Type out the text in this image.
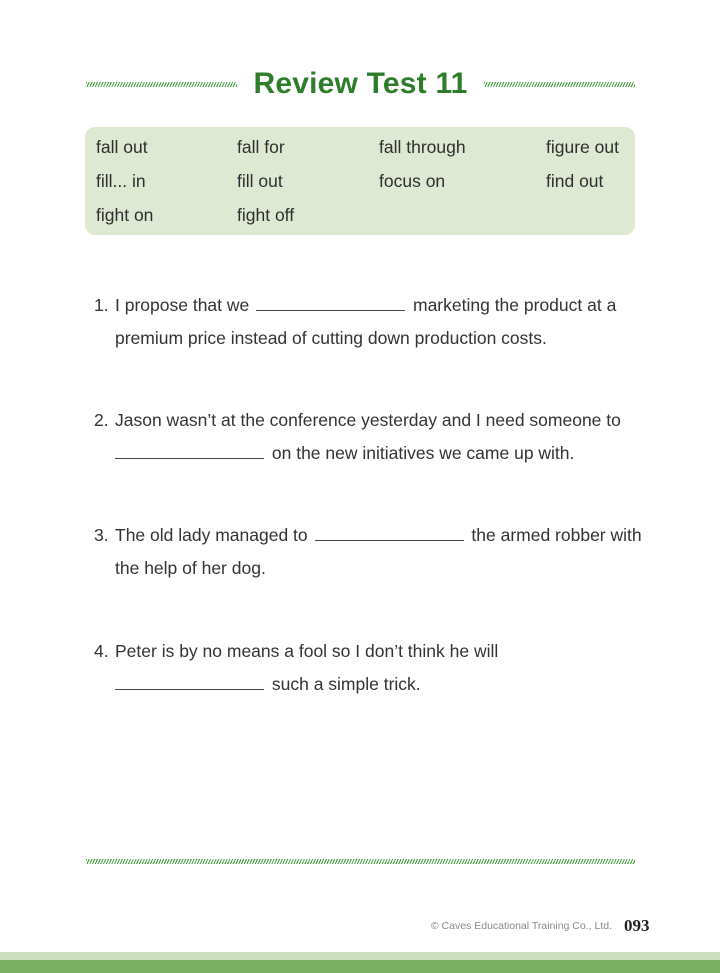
Review Test 11
fall out	fall for	fall through	figure out
fill... in	fill out	focus on	find out
fight on	fight off
1. I propose that we	marketing the product at a
premium price instead of cutting down production costs.
2. Jason wasn’t at the conference yesterday and I need someone to
on the new initiatives we came up with.
3. The old lady managed to	the armed robber with
the help of her dog.
4. Peter is by no means a fool so I don’t think he will
such a simple trick.
© Caves Educational Training Co., Ltd. 093
